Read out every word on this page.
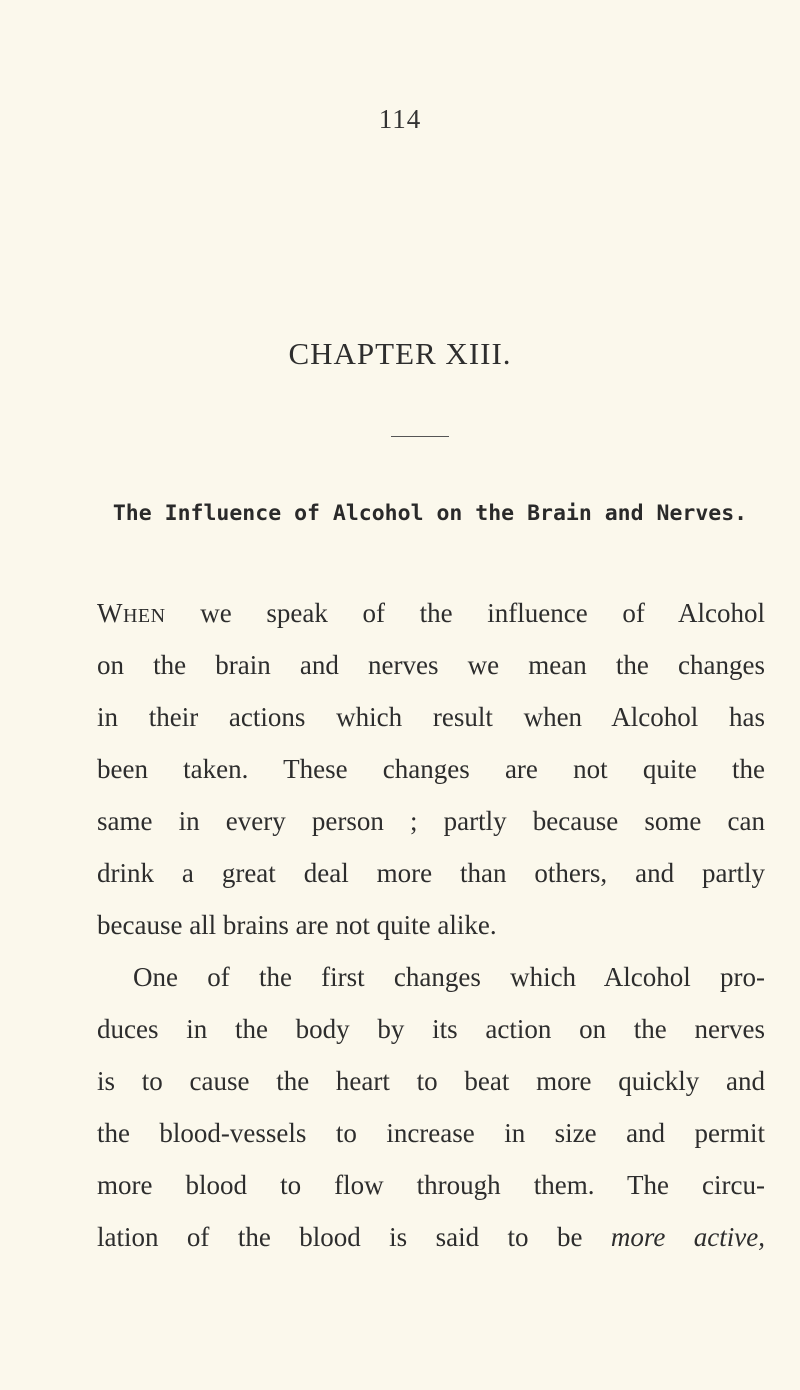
114
CHAPTER XIII.
The Influence of Alcohol on the Brain and Nerves.
WHEN we speak of the influence of Alcohol
on the brain and nerves we mean the changes
in their actions which result when Alcohol has
been taken. These changes are not quite the
same in every person ; partly because some can
drink a great deal more than others, and partly
because all brains are not quite alike.
One of the first changes which Alcohol pro-
duces in the body by its action on the nerves
is to cause the heart to beat more quickly and
the blood-vessels to increase in size and permit
more blood to flow through them. The circu-
lation of the blood is said to be more active,
